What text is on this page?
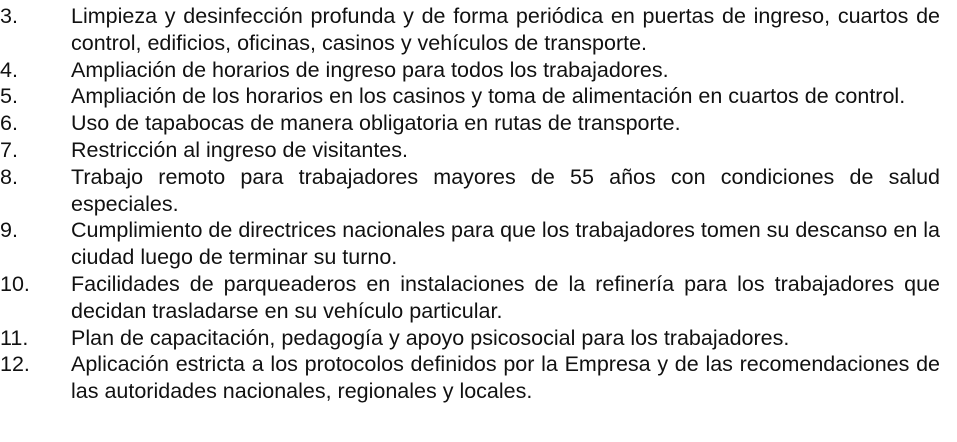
3.	Limpieza y desinfección profunda y de forma periódica en puertas de ingreso, cuartos de control, edificios, oficinas, casinos y vehículos de transporte.
4.	Ampliación de horarios de ingreso para todos los trabajadores.
5.	Ampliación de los horarios en los casinos y toma de alimentación en cuartos de control.
6.	Uso de tapabocas de manera obligatoria en rutas de transporte.
7.	Restricción al ingreso de visitantes.
8.	Trabajo remoto para trabajadores mayores de 55 años con condiciones de salud especiales.
9.	Cumplimiento de directrices nacionales para que los trabajadores tomen su descanso en la ciudad luego de terminar su turno.
10.	Facilidades de parqueaderos en instalaciones de la refinería para los trabajadores que decidan trasladarse en su vehículo particular.
11.	Plan de capacitación, pedagogía y apoyo psicosocial para los trabajadores.
12.	Aplicación estricta a los protocolos definidos por la Empresa y de las recomendaciones de las autoridades nacionales, regionales y locales.
